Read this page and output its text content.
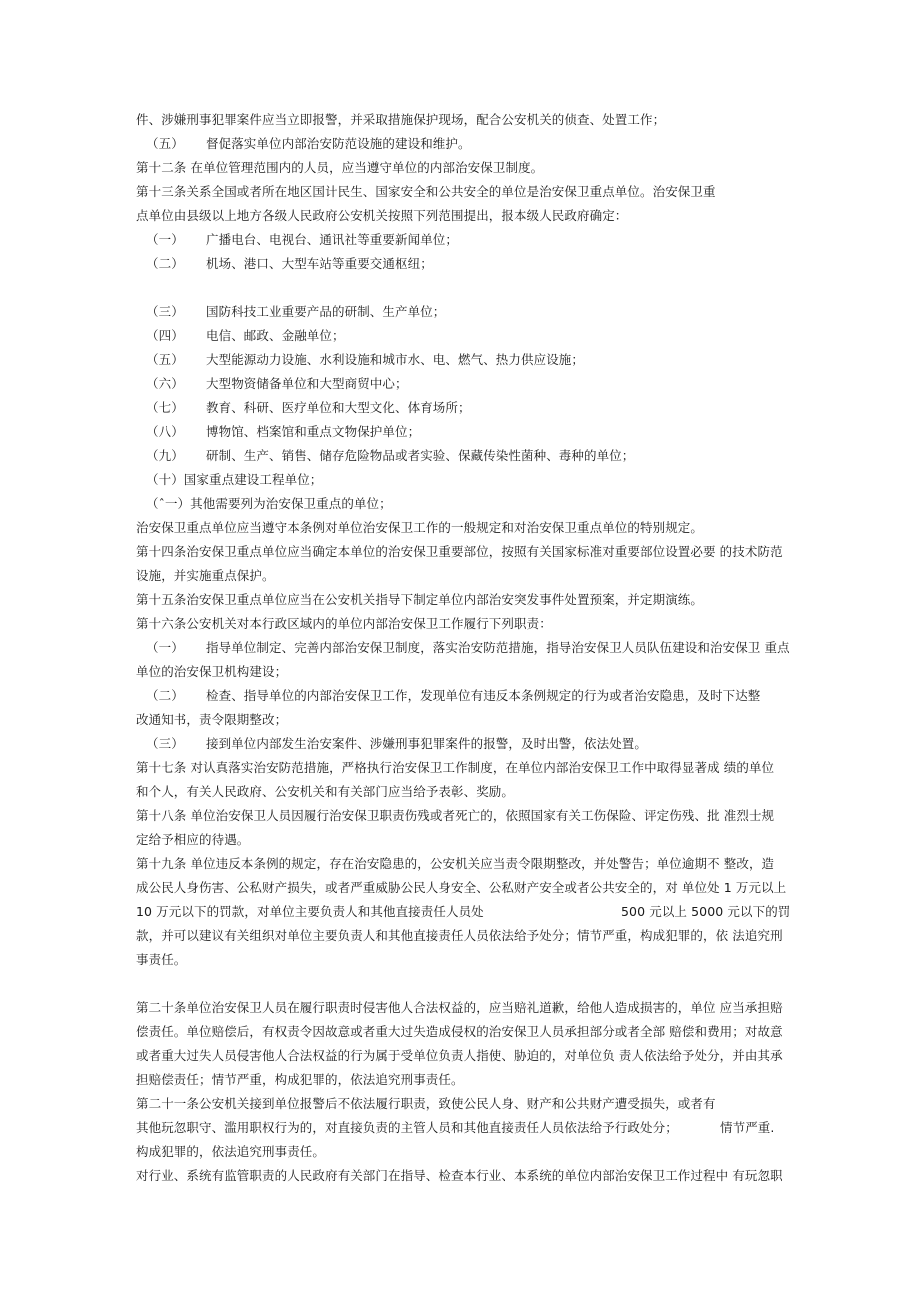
件、涉嫌刑事犯罪案件应当立即报警，并采取措施保护现场，配合公安机关的侦查、处置工作；
（五） 督促落实单位内部治安防范设施的建设和维护。
第十二条 在单位管理范围内的人员，应当遵守单位的内部治安保卫制度。
第十三条关系全国或者所在地区国计民生、国家安全和公共安全的单位是治安保卫重点单位。治安保卫重
点单位由县级以上地方各级人民政府公安机关按照下列范围提出，报本级人民政府确定：
（一） 广播电台、电视台、通讯社等重要新闻单位；
（二） 机场、港口、大型车站等重要交通枢纽；
（三） 国防科技工业重要产品的研制、生产单位；
（四） 电信、邮政、金融单位；
（五） 大型能源动力设施、水利设施和城市水、电、燃气、热力供应设施；
（六） 大型物资储备单位和大型商贸中心；
（七） 教育、科研、医疗单位和大型文化、体育场所；
（八） 博物馆、档案馆和重点文物保护单位；
（九） 研制、生产、销售、储存危险物品或者实验、保藏传染性菌种、毒种的单位；
（十）国家重点建设工程单位；
（ˆ一）其他需要列为治安保卫重点的单位；
治安保卫重点单位应当遵守本条例对单位治安保卫工作的一般规定和对治安保卫重点单位的特别规定。
第十四条治安保卫重点单位应当确定本单位的治安保卫重要部位，按照有关国家标准对重要部位设置必要 的技术防范
设施，并实施重点保护。
第十五条治安保卫重点单位应当在公安机关指导下制定单位内部治安突发事件处置预案，并定期演练。
第十六条公安机关对本行政区域内的单位内部治安保卫工作履行下列职责：
（一） 指导单位制定、完善内部治安保卫制度，落实治安防范措施，指导治安保卫人员队伍建设和治安保卫 重点
单位的治安保卫机构建设；
（二） 检查、指导单位的内部治安保卫工作，发现单位有违反本条例规定的行为或者治安隐患，及时下达整
改通知书，责令限期整改；
（三） 接到单位内部发生治安案件、涉嫌刑事犯罪案件的报警，及时出警，依法处置。
第十七条 对认真落实治安防范措施，严格执行治安保卫工作制度，在单位内部治安保卫工作中取得显著成 绩的单位
和个人，有关人民政府、公安机关和有关部门应当给予表彰、奖励。
第十八条 单位治安保卫人员因履行治安保卫职责伤残或者死亡的，依照国家有关工伤保险、评定伤残、批 准烈士规
定给予相应的待遇。
第十九条 单位违反本条例的规定，存在治安隐患的，公安机关应当责令限期整改，并处警告；单位逾期不 整改，造
成公民人身伤害、公私财产损失，或者严重威胁公民人身安全、公私财产安全或者公共安全的，对 单位处 1 万元以上
10 万元以下的罚款，对单位主要负责人和其他直接责任人员处	500 元以上 5000 元以下的罚
款，并可以建议有关组织对单位主要负责人和其他直接责任人员依法给予处分；情节严重，构成犯罪的，依 法追究刑
事责任。
第二十条单位治安保卫人员在履行职责时侵害他人合法权益的，应当赔礼道歉，给他人造成损害的，单位 应当承担赔
偿责任。单位赔偿后，有权责令因故意或者重大过失造成侵权的治安保卫人员承担部分或者全部 赔偿和费用；对故意
或者重大过失人员侵害他人合法权益的行为属于受单位负责人指使、胁迫的，对单位负 责人依法给予处分，并由其承
担赔偿责任；情节严重，构成犯罪的，依法追究刑事责任。
第二十一条公安机关接到单位报警后不依法履行职责，致使公民人身、财产和公共财产遭受损失，或者有
其他玩忽职守、滥用职权行为的，对直接负责的主管人员和其他直接责任人员依法给予行政处分；	情节严重.
构成犯罪的，依法追究刑事责任。
对行业、系统有监管职责的人民政府有关部门在指导、检查本行业、本系统的单位内部治安保卫工作过程中 有玩忽职
